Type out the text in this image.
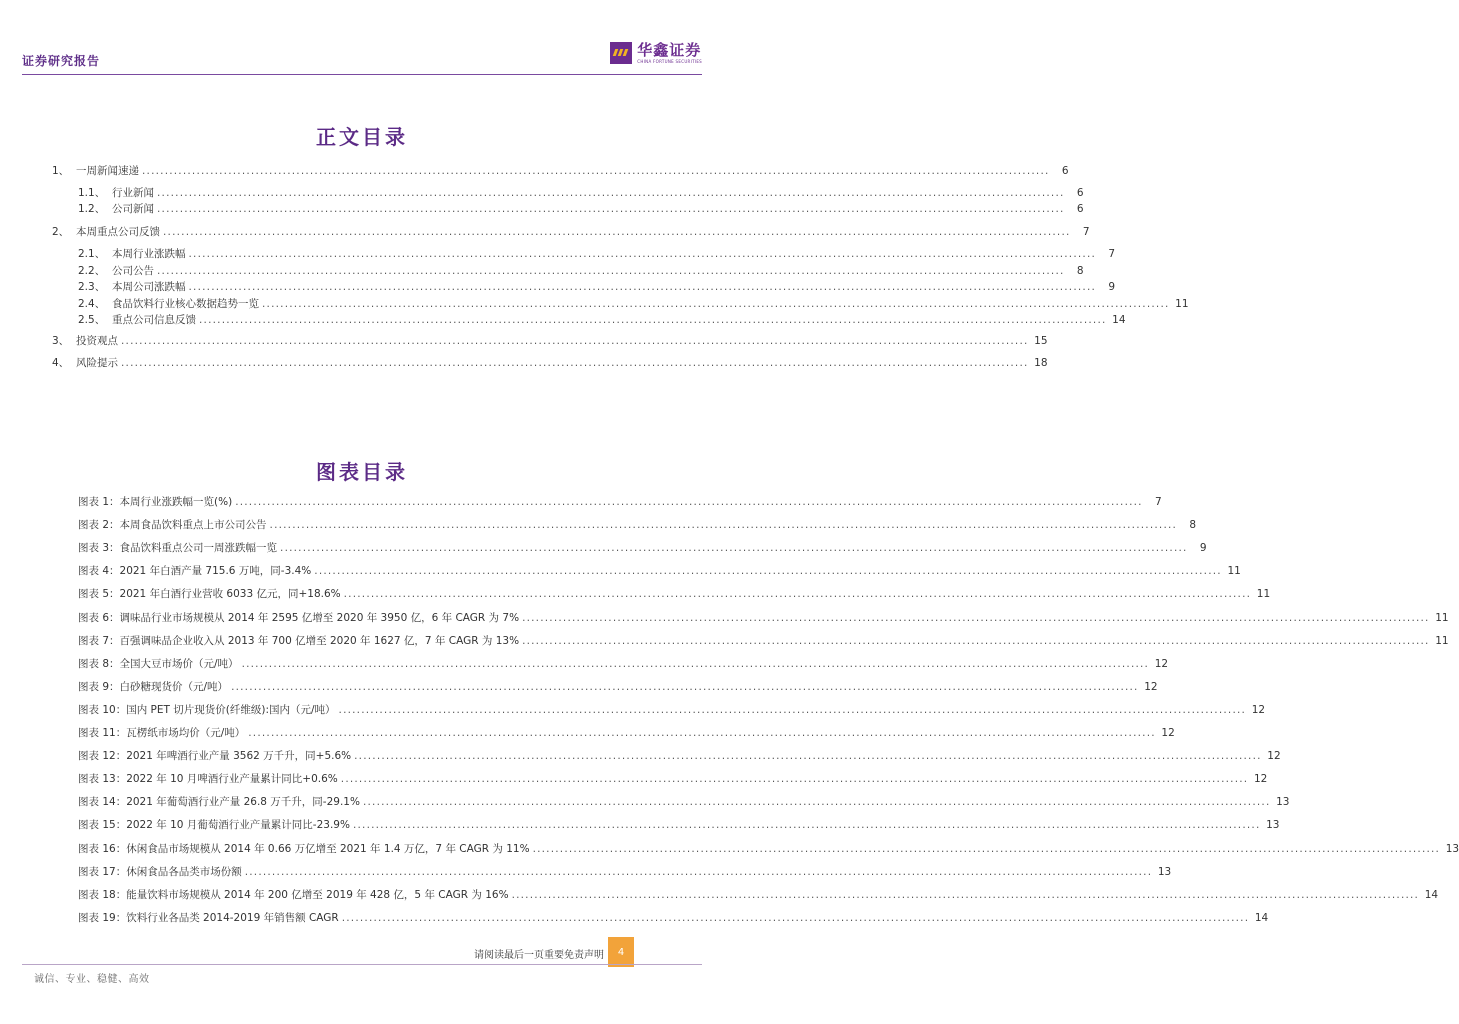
证券研究报告
华鑫证券
CHINA FORTUNE SECURITIES
正文目录
1、 一周新闻速递 ........................................................................................................................................................................................................	6
1.1、 行业新闻 ........................................................................................................................................................................................................	6
1.2、 公司新闻 ........................................................................................................................................................................................................	6
2、 本周重点公司反馈 ........................................................................................................................................................................................................	7
2.1、 本周行业涨跌幅 ........................................................................................................................................................................................................	7
2.2、 公司公告 ........................................................................................................................................................................................................	8
2.3、 本周公司涨跌幅 ........................................................................................................................................................................................................	9
2.4、 食品饮料行业核心数据趋势一览 ........................................................................................................................................................................................................ 11
2.5、 重点公司信息反馈 ........................................................................................................................................................................................................ 14
3、 投资观点 ........................................................................................................................................................................................................ 15
4、 风险提示 ........................................................................................................................................................................................................ 18
图表目录
图表 1：本周行业涨跌幅一览(%) ........................................................................................................................................................................................................	7
图表 2：本周食品饮料重点上市公司公告 ........................................................................................................................................................................................................	8
图表 3：食品饮料重点公司一周涨跌幅一览 ........................................................................................................................................................................................................	9
图表 4：2021 年白酒产量 715.6 万吨，同-3.4% ........................................................................................................................................................................................................ 11
图表 5：2021 年白酒行业营收 6033 亿元，同+18.6% ........................................................................................................................................................................................................ 11
图表 6：调味品行业市场规模从 2014 年 2595 亿增至 2020 年 3950 亿，6 年 CAGR 为 7% ........................................................................................................................................................................................................ 11
图表 7：百强调味品企业收入从 2013 年 700 亿增至 2020 年 1627 亿，7 年 CAGR 为 13% ........................................................................................................................................................................................................ 11
图表 8：全国大豆市场价（元/吨） ........................................................................................................................................................................................................ 12
图表 9：白砂糖现货价（元/吨） ........................................................................................................................................................................................................ 12
图表 10：国内 PET 切片现货价(纤维级):国内（元/吨） ........................................................................................................................................................................................................ 12
图表 11：瓦楞纸市场均价（元/吨） ........................................................................................................................................................................................................ 12
图表 12：2021 年啤酒行业产量 3562 万千升，同+5.6% ........................................................................................................................................................................................................ 12
图表 13：2022 年 10 月啤酒行业产量累计同比+0.6% ........................................................................................................................................................................................................ 12
图表 14：2021 年葡萄酒行业产量 26.8 万千升，同-29.1% ........................................................................................................................................................................................................ 13
图表 15：2022 年 10 月葡萄酒行业产量累计同比-23.9% ........................................................................................................................................................................................................ 13
图表 16：休闲食品市场规模从 2014 年 0.66 万亿增至 2021 年 1.4 万亿，7 年 CAGR 为 11% ........................................................................................................................................................................................................ 13
图表 17：休闲食品各品类市场份额 ........................................................................................................................................................................................................ 13
图表 18：能量饮料市场规模从 2014 年 200 亿增至 2019 年 428 亿，5 年 CAGR 为 16% ........................................................................................................................................................................................................ 14
图表 19：饮料行业各品类 2014-2019 年销售额 CAGR ........................................................................................................................................................................................................ 14
请阅读最后一页重要免责声明	4
诚信、专业、稳健、高效
